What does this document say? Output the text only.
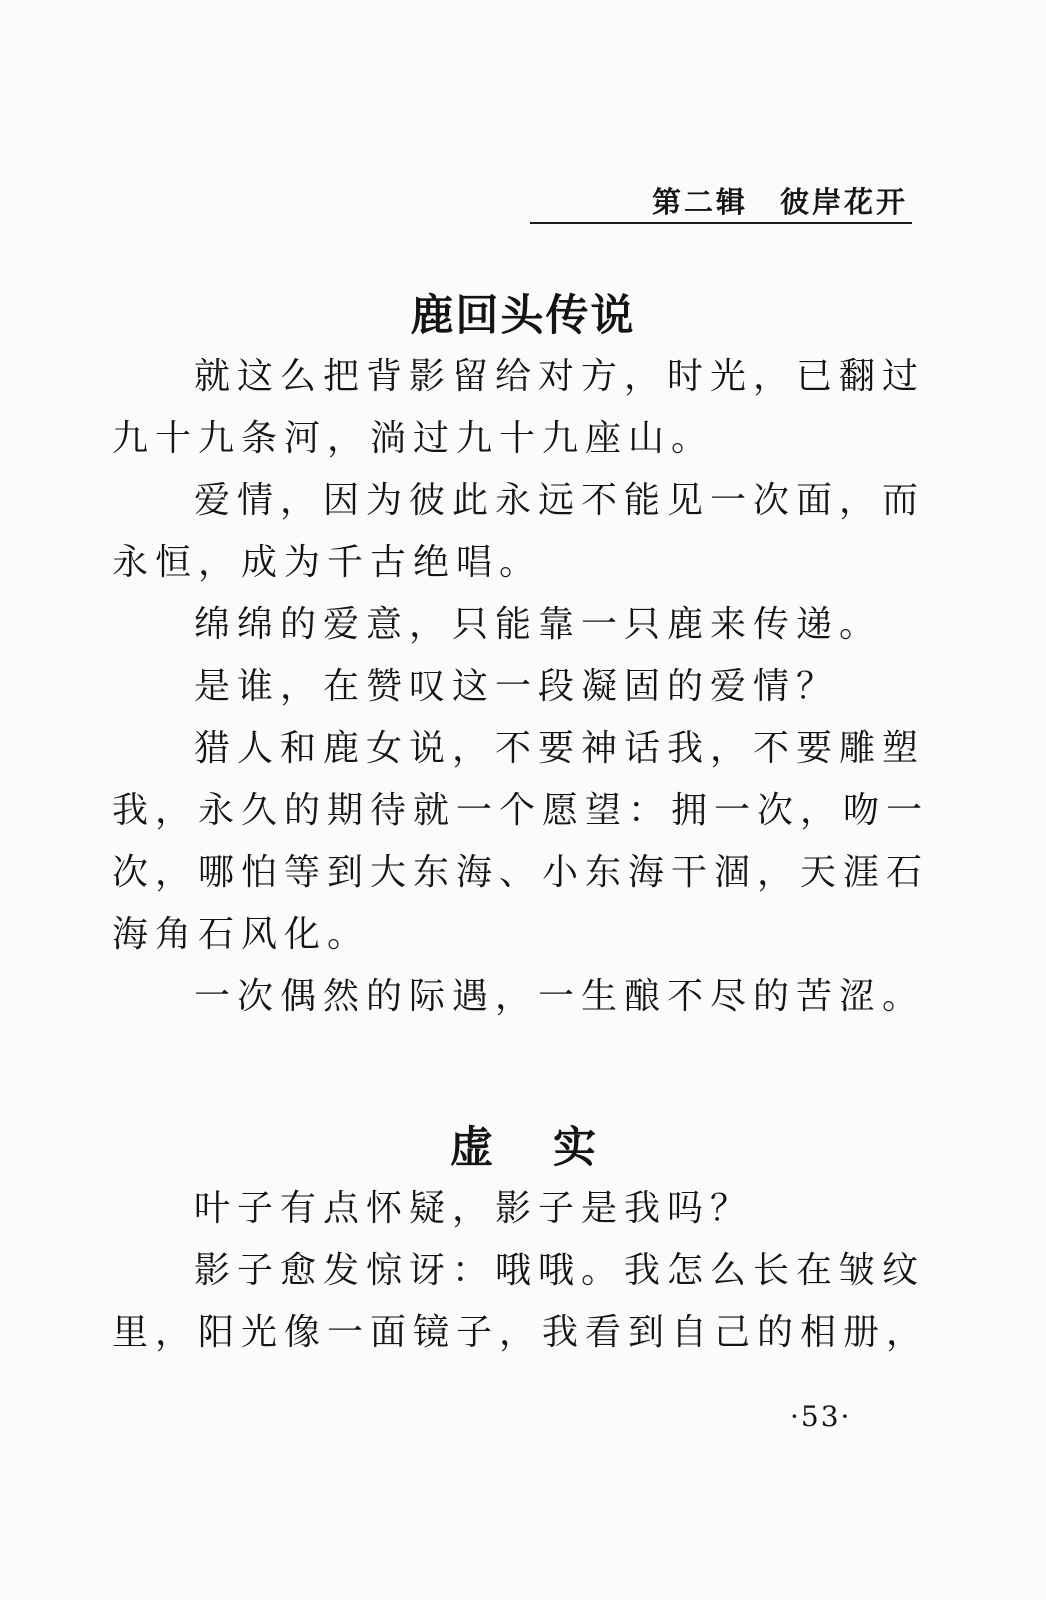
第二辑　彼岸花开
鹿回头传说
就这么把背影留给对方，时光，已翻过
九十九条河，淌过九十九座山。
爱情，因为彼此永远不能见一次面，而
永恒，成为千古绝唱。
绵绵的爱意，只能靠一只鹿来传递。
是谁，在赞叹这一段凝固的爱情？
猎人和鹿女说，不要神话我，不要雕塑
我，永久的期待就一个愿望：拥一次，吻一
次，哪怕等到大东海、小东海干涸，天涯石
海角石风化。
一次偶然的际遇，一生酿不尽的苦涩。
虚实
叶子有点怀疑，影子是我吗？
影子愈发惊讶：哦哦。我怎么长在皱纹
里，阳光像一面镜子，我看到自己的相册，
·53·
